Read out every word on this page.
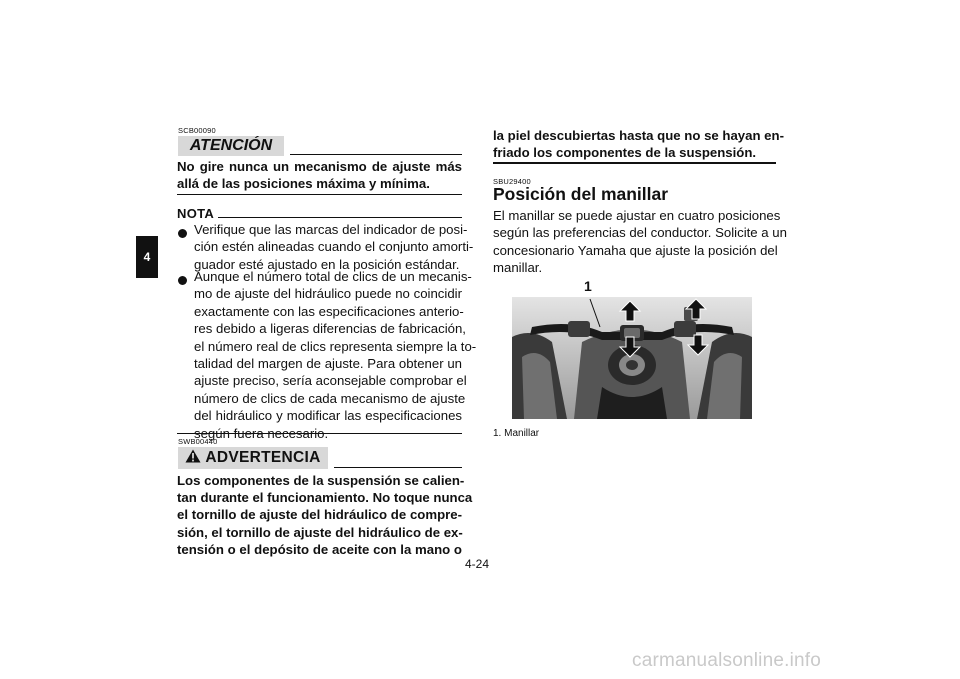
4
SCB00090
ATENCIÓN
No gire nunca un mecanismo de ajuste más
allá de las posiciones máxima y mínima.
NOTA
Verifique que las marcas del indicador de posi-
ción estén alineadas cuando el conjunto amorti-
guador esté ajustado en la posición estándar.
Aunque el número total de clics de un mecanis-
mo de ajuste del hidráulico puede no coincidir
exactamente con las especificaciones anterio-
res debido a ligeras diferencias de fabricación,
el número real de clics representa siempre la to-
talidad del margen de ajuste. Para obtener un
ajuste preciso, sería aconsejable comprobar el
número de clics de cada mecanismo de ajuste
del hidráulico y modificar las especificaciones
según fuera necesario.
SWB00440
ADVERTENCIA
Los componentes de la suspensión se calien-
tan durante el funcionamiento. No toque nunca
el tornillo de ajuste del hidráulico de compre-
sión, el tornillo de ajuste del hidráulico de ex-
tensión o el depósito de aceite con la mano o
la piel descubiertas hasta que no se hayan en-
friado los componentes de la suspensión.
SBU29400
Posición del manillar
El manillar se puede ajustar en cuatro posiciones
según las preferencias del conductor. Solicite a un
concesionario Yamaha que ajuste la posición del
manillar.
1
1. Manillar
4-24
carmanualsonline.info
